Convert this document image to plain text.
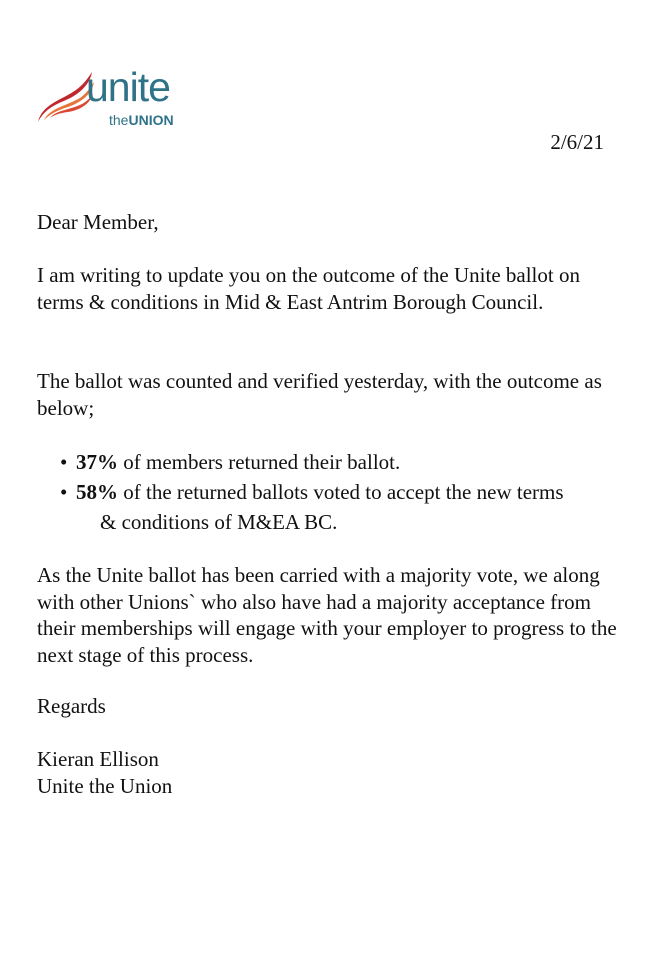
unite
theUNION
2/6/21

Dear Member,

I am writing to update you on the outcome of the Unite ballot on terms & conditions in Mid & East Antrim Borough Council.

The ballot was counted and verified yesterday, with the outcome as below;

• 37% of members returned their ballot.
• 58% of the returned ballots voted to accept the new terms
& conditions of M&EA BC.

As the Unite ballot has been carried with a majority vote, we along with other Unions` who also have had a majority acceptance from their memberships will engage with your employer to progress to the next stage of this process.

Regards

Kieran Ellison

Unite the Union
